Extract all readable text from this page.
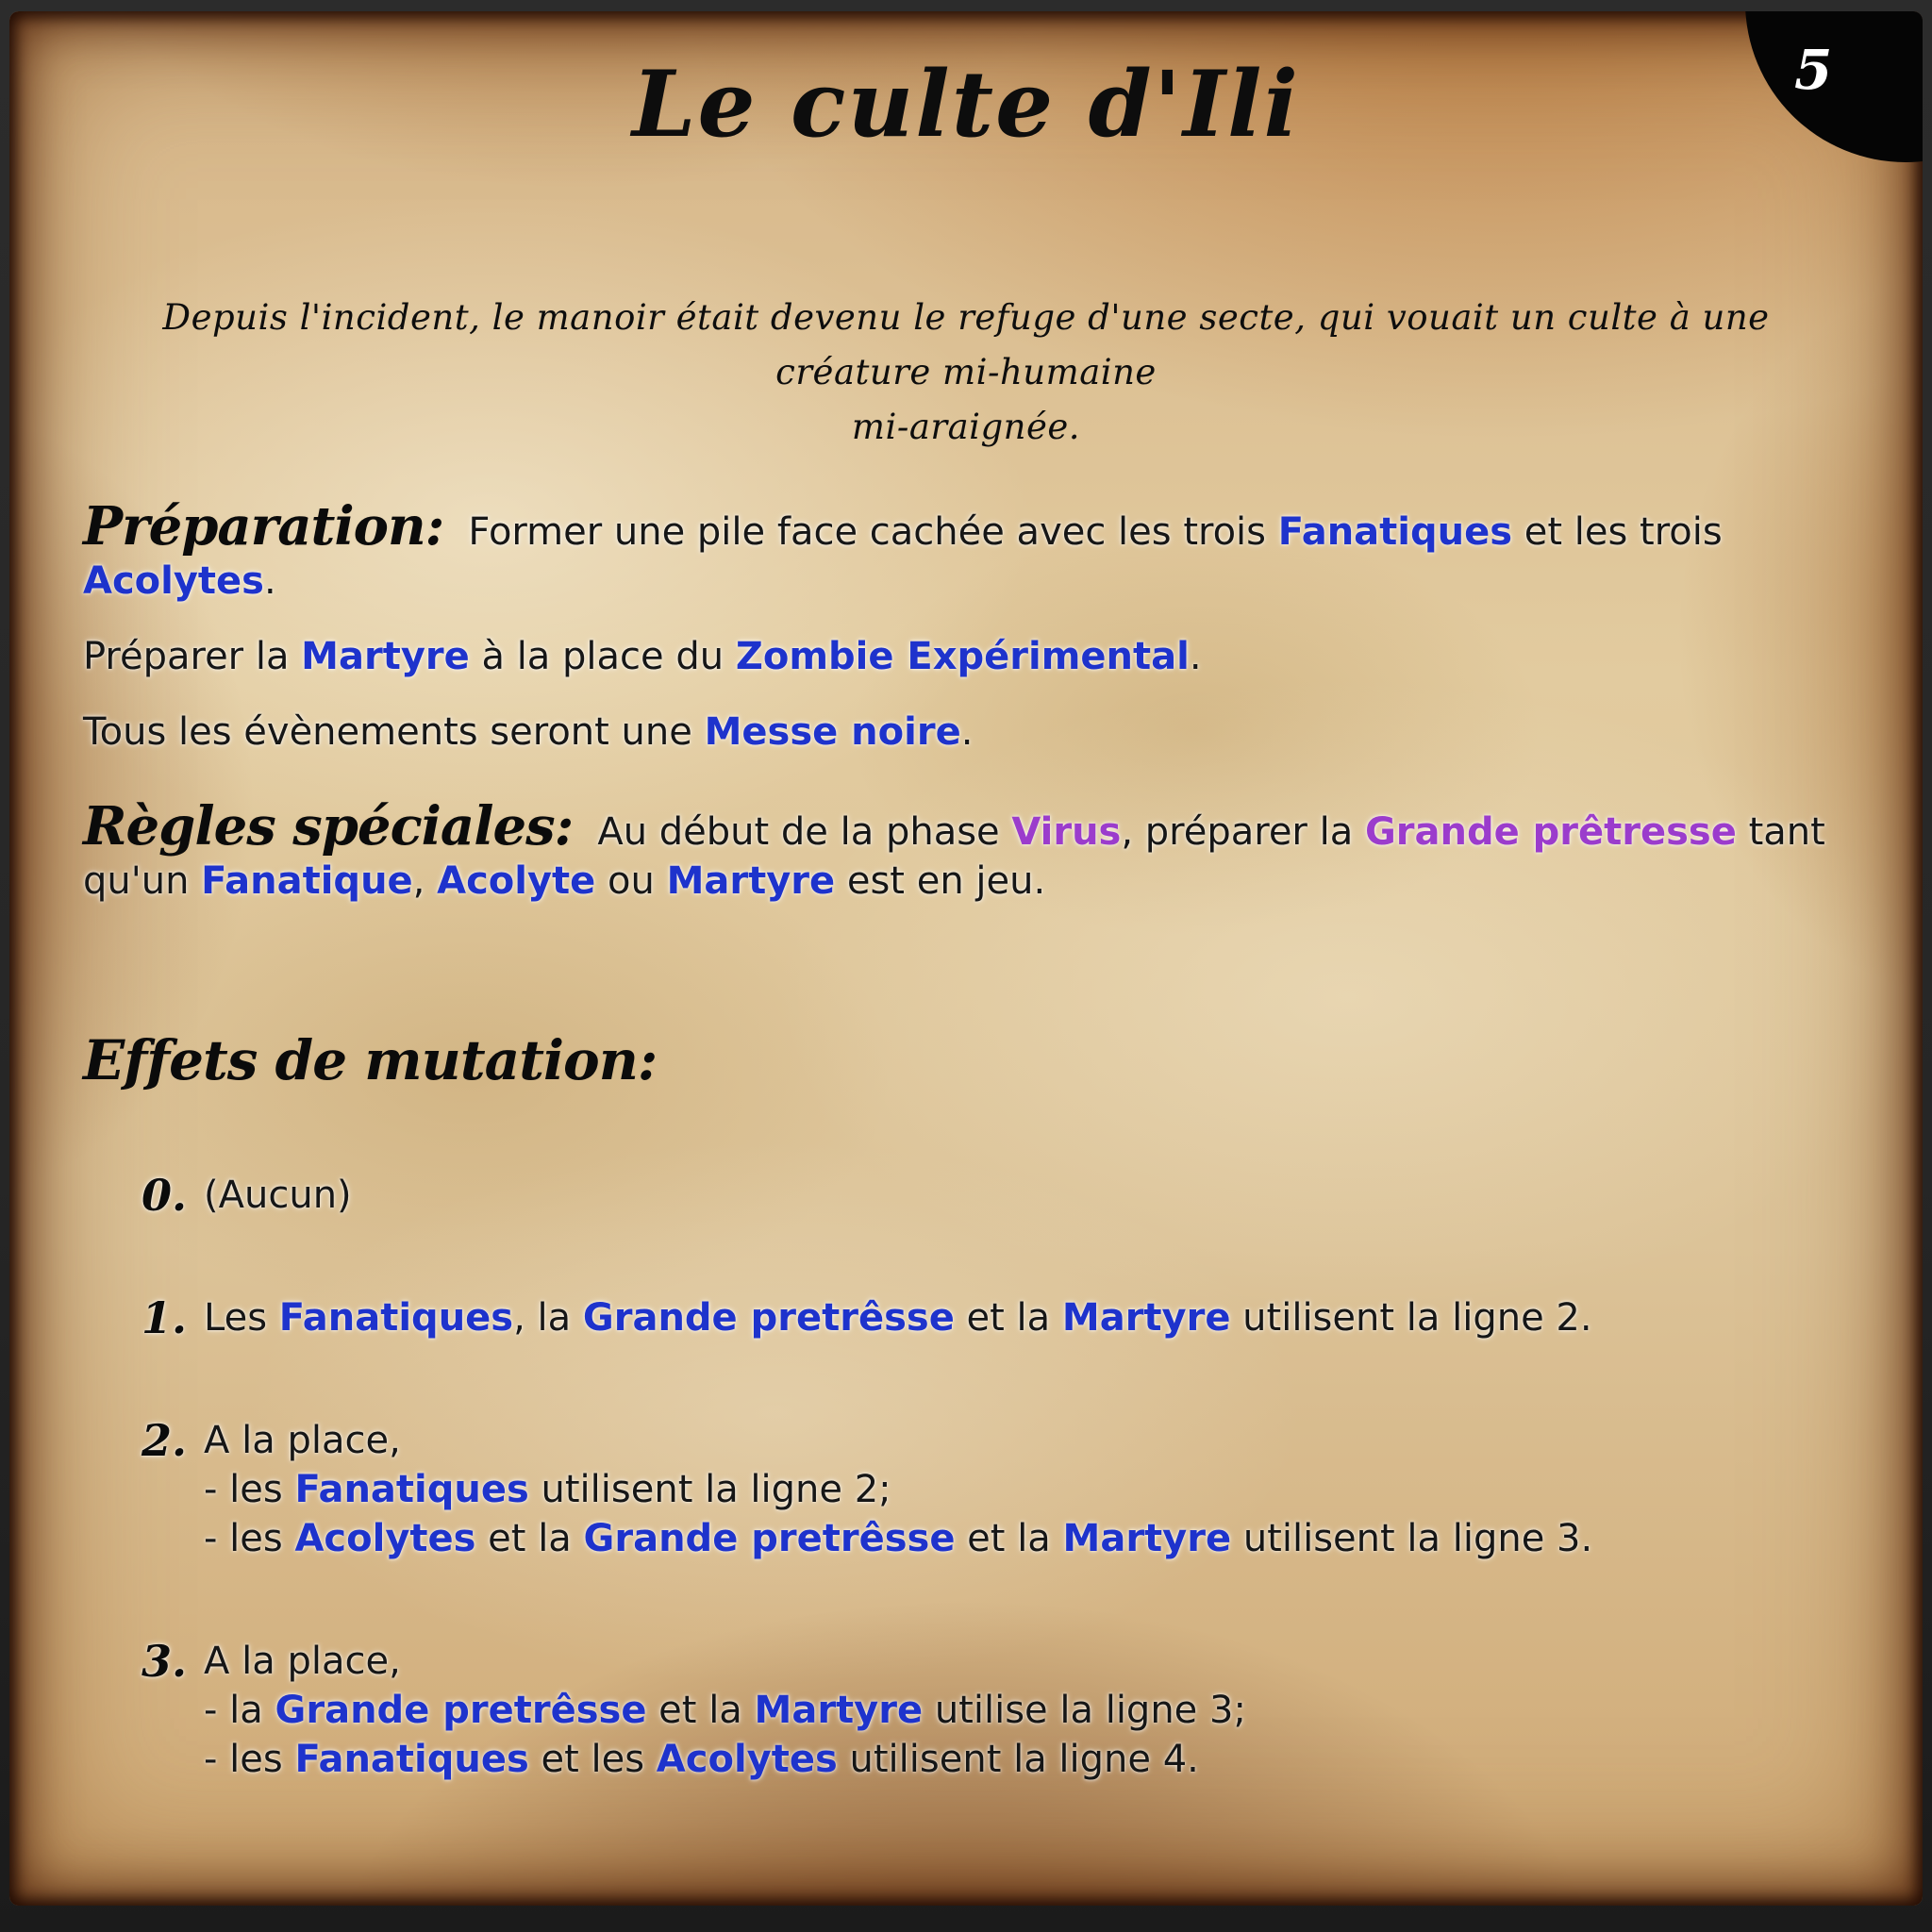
Le culte d'Ili	5
Depuis l'incident, le manoir était devenu le refuge d'une secte, qui vouait un culte à une créature mi-humaine
mi-araignée.

Préparation: Former une pile face cachée avec les trois Fanatiques et les trois Acolytes.

Préparer la Martyre à la place du Zombie Expérimental.

Tous les évènements seront une Messe noire.

Règles spéciales: Au début de la phase Virus, préparer la Grande prêtresse tant qu'un Fanatique, Acolyte ou Martyre est en jeu.

Effets de mutation:
0. (Aucun)
1. Les Fanatiques, la Grande pretrêsse et la Martyre utilisent la ligne 2.
2. A la place,
- les Fanatiques utilisent la ligne 2;
- les Acolytes et la Grande pretrêsse et la Martyre utilisent la ligne 3.
3. A la place,
- la Grande pretrêsse et la Martyre utilise la ligne 3;
- les Fanatiques et les Acolytes utilisent la ligne 4.
